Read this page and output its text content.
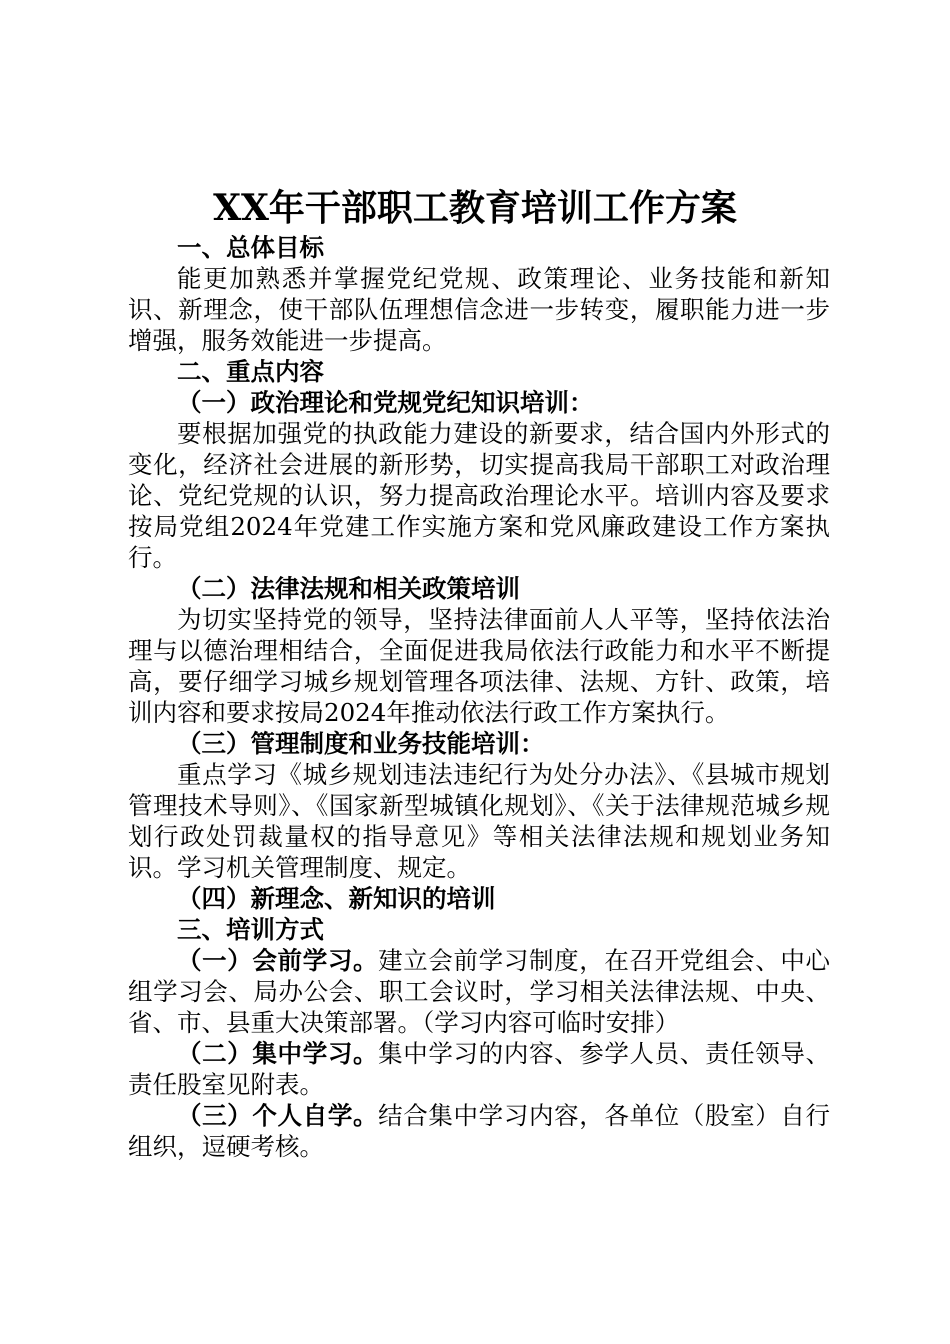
XX年干部职工教育培训工作方案

一、总体目标

能更加熟悉并掌握党纪党规、政策理论、业务技能和新知识、新理念，使干部队伍理想信念进一步转变，履职能力进一步增强，服务效能进一步提高。

二、重点内容

（一）政治理论和党规党纪知识培训：

要根据加强党的执政能力建设的新要求，结合国内外形式的变化，经济社会进展的新形势，切实提高我局干部职工对政治理论、党纪党规的认识，努力提高政治理论水平。培训内容及要求按局党组2024年党建工作实施方案和党风廉政建设工作方案执行。

（二）法律法规和相关政策培训

为切实坚持党的领导，坚持法律面前人人平等，坚持依法治理与以德治理相结合，全面促进我局依法行政能力和水平不断提高，要仔细学习城乡规划管理各项法律、法规、方针、政策，培训内容和要求按局2024年推动依法行政工作方案执行。

（三）管理制度和业务技能培训：

重点学习《城乡规划违法违纪行为处分办法》、《县城市规划管理技术导则》、《国家新型城镇化规划》、《关于法律规范城乡规划行政处罚裁量权的指导意见》等相关法律法规和规划业务知识。学习机关管理制度、规定。

（四）新理念、新知识的培训

三、培训方式

（一）会前学习。建立会前学习制度，在召开党组会、中心组学习会、局办公会、职工会议时，学习相关法律法规、中央、省、市、县重大决策部署。（学习内容可临时安排）

（二）集中学习。集中学习的内容、参学人员、责任领导、责任股室见附表。

（三）个人自学。结合集中学习内容，各单位（股室）自行组织，逗硬考核。
